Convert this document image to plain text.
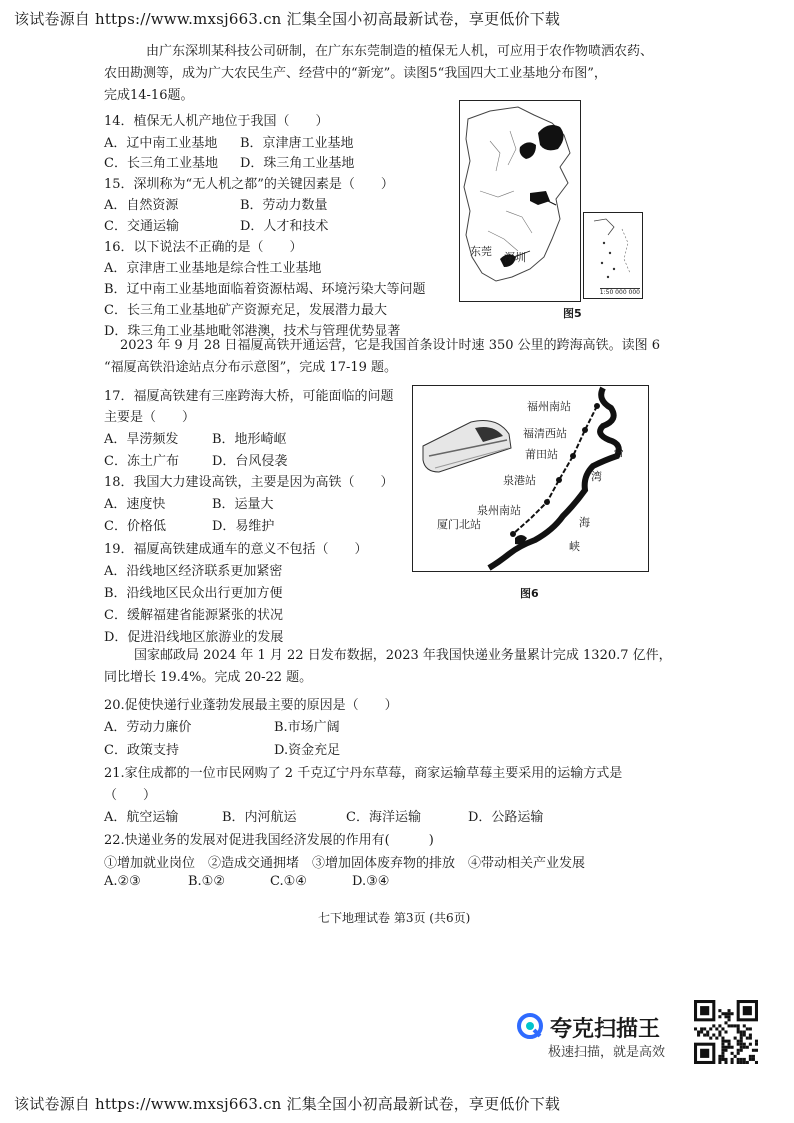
该试卷源自 https://www.mxsj663.cn 汇集全国小初高最新试卷，享更低价下载
由广东深圳某科技公司研制，在广东东莞制造的植保无人机，可应用于农作物喷洒农药、
农田勘测等，成为广大农民生产、经营中的“新宠”。读图5“我国四大工业基地分布图”，
完成14-16题。
14．植保无人机产地位于我国（　　）
A．辽中南工业基地 B．京津唐工业基地
C．长三角工业基地 D．珠三角工业基地
15．深圳称为“无人机之都”的关键因素是（　　）
A．自然资源	B．劳动力数量
C．交通运输	D．人才和技术
16．以下说法不正确的是（　　）
A．京津唐工业基地是综合性工业基地
B．辽中南工业基地面临着资源枯竭、环境污染大等问题
C．长三角工业基地矿产资源充足，发展潜力最大
D．珠三角工业基地毗邻港澳，技术与管理优势显著
东莞 深圳
1:50 000 000
图5
2023 年 9 月 28 日福厦高铁开通运营，它是我国首条设计时速 350 公里的跨海高铁。读图 6
“福厦高铁沿途站点分布示意图”，完成 17-19 题。
17．福厦高铁建有三座跨海大桥，可能面临的问题
主要是（　　）
A．旱涝频发	B．地形崎岖
C．冻土广布	D．台风侵袭
18．我国大力建设高铁，主要是因为高铁（　　）
A．速度快	B．运量大
C．价格低	D．易维护
19．福厦高铁建成通车的意义不包括（　　）
A．沿线地区经济联系更加紧密
B．沿线地区民众出行更加方便
C．缓解福建省能源紧张的状况
D．促进沿线地区旅游业的发展
福州南站
福清西站
莆田站
泉港站
泉州南站
厦门北站
台
湾
海
峡
图6
国家邮政局 2024 年 1 月 22 日发布数据，2023 年我国快递业务量累计完成 1320.7 亿件，
同比增长 19.4%。完成 20-22 题。
20.促使快递行业蓬勃发展最主要的原因是（　　）
A．劳动力廉价	B.市场广阔
C．政策支持	D.资金充足
21.家住成都的一位市民网购了 2 千克辽宁丹东草莓，商家运输草莓主要采用的运输方式是
（　　）
A．航空运输	B．内河航运	C．海洋运输	D．公路运输
22.快递业务的发展对促进我国经济发展的作用有(　　　)
①增加就业岗位　②造成交通拥堵　③增加固体废弃物的排放　④带动相关产业发展
A.②③	B.①②	C.①④	D.③④
七下地理试卷 第3页 (共6页)
夸克扫描王
极速扫描，就是高效
该试卷源自 https://www.mxsj663.cn 汇集全国小初高最新试卷，享更低价下载
